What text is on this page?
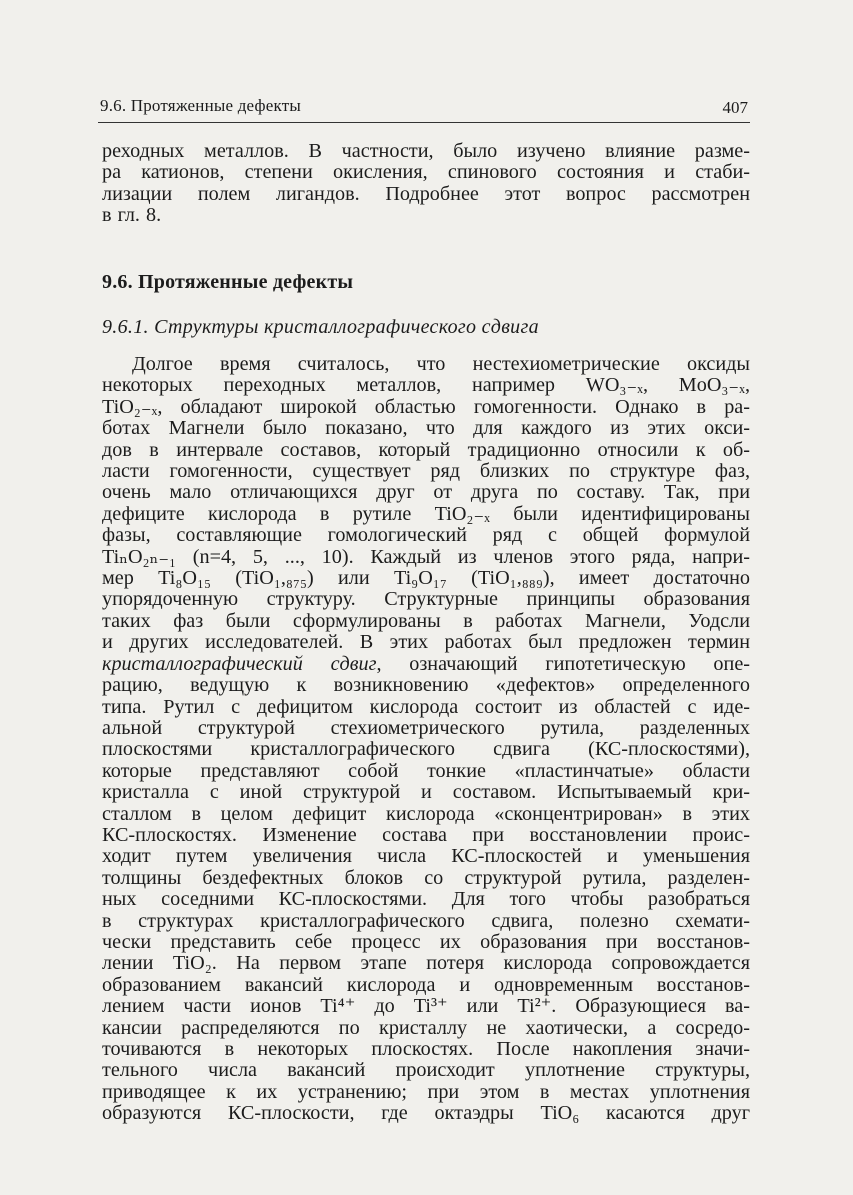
9.6. Протяженные дефекты	407
реходных металлов. В частности, было изучено влияние разме-
ра катионов, степени окисления, спинового состояния и стаби-
лизации полем лигандов. Подробнее этот вопрос рассмотрен
в гл. 8.
9.6. Протяженные дефекты
9.6.1. Структуры кристаллографического сдвига
Долгое время считалось, что нестехиометрические оксиды
некоторых переходных металлов, например WO₃₋ₓ, MoO₃₋ₓ,
TiO₂₋ₓ, обладают широкой областью гомогенности. Однако в ра-
ботах Магнели было показано, что для каждого из этих окси-
дов в интервале составов, который традиционно относили к об-
ласти гомогенности, существует ряд близких по структуре фаз,
очень мало отличающихся друг от друга по составу. Так, при
дефиците кислорода в рутиле TiO₂₋ₓ были идентифицированы
фазы, составляющие гомологический ряд с общей формулой
TiₙO₂ₙ₋₁ (n=4, 5, ..., 10). Каждый из членов этого ряда, напри-
мер Ti₈O₁₅ (TiO₁,₈₇₅) или Ti₉O₁₇ (TiO₁,₈₈₉), имеет достаточно
упорядоченную структуру. Структурные принципы образования
таких фаз были сформулированы в работах Магнели, Уодсли
и других исследователей. В этих работах был предложен термин
кристаллографический сдвиг, означающий гипотетическую опе-
рацию, ведущую к возникновению «дефектов» определенного
типа. Рутил с дефицитом кислорода состоит из областей с иде-
альной структурой стехиометрического рутила, разделенных
плоскостями кристаллографического сдвига (КС-плоскостями),
которые представляют собой тонкие «пластинчатые» области
кристалла с иной структурой и составом. Испытываемый кри-
сталлом в целом дефицит кислорода «сконцентрирован» в этих
КС-плоскостях. Изменение состава при восстановлении проис-
ходит путем увеличения числа КС-плоскостей и уменьшения
толщины бездефектных блоков со структурой рутила, разделен-
ных соседними КС-плоскостями. Для того чтобы разобраться
в структурах кристаллографического сдвига, полезно схемати-
чески представить себе процесс их образования при восстанов-
лении TiO₂. На первом этапе потеря кислорода сопровождается
образованием вакансий кислорода и одновременным восстанов-
лением части ионов Ti⁴⁺ до Ti³⁺ или Ti²⁺. Образующиеся ва-
кансии распределяются по кристаллу не хаотически, а сосредо-
точиваются в некоторых плоскостях. После накопления значи-
тельного числа вакансий происходит уплотнение структуры,
приводящее к их устранению; при этом в местах уплотнения
образуются КС-плоскости, где октаэдры TiO₆ касаются друг
